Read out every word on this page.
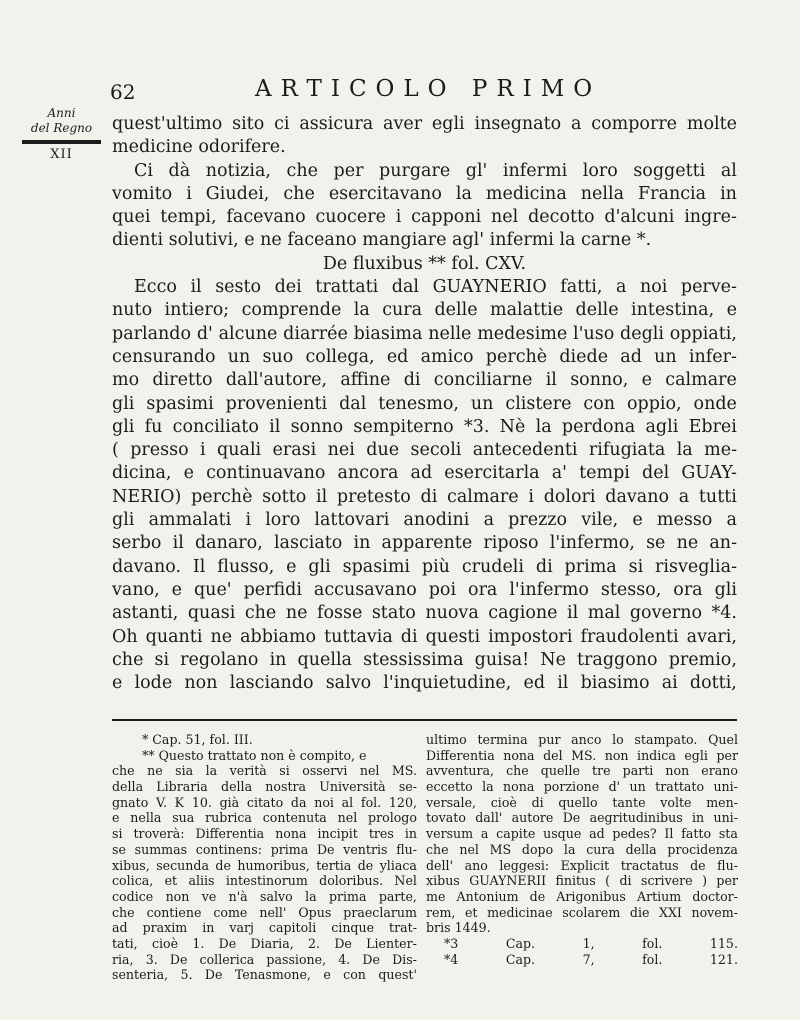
62	ARTICOLO PRIMO
Anni
del Regno
XII
quest'ultimo sito ci assicura aver egli insegnato a comporre molte
medicine odorifere.
Ci dà notizia, che per purgare gl' infermi loro soggetti al
vomito i Giudei, che esercitavano la medicina nella Francia in
quei tempi, facevano cuocere i capponi nel decotto d'alcuni ingre-
dienti solutivi, e ne faceano mangiare agl' infermi la carne *.
De fluxibus ** fol. CXV.
Ecco il sesto dei trattati dal GUAYNERIO fatti, a noi perve-
nuto intiero; comprende la cura delle malattie delle intestina, e
parlando d' alcune diarrée biasima nelle medesime l'uso degli oppiati,
censurando un suo collega, ed amico perchè diede ad un infer-
mo diretto dall'autore, affine di conciliarne il sonno, e calmare
gli spasimi provenienti dal tenesmo, un clistere con oppio, onde
gli fu conciliato il sonno sempiterno *3. Nè la perdona agli Ebrei
( presso i quali erasi nei due secoli antecedenti rifugiata la me-
dicina, e continuavano ancora ad esercitarla a' tempi del GUAY-
NERIO) perchè sotto il pretesto di calmare i dolori davano a tutti
gli ammalati i loro lattovari anodini a prezzo vile, e messo a
serbo il danaro, lasciato in apparente riposo l'infermo, se ne an-
davano. Il flusso, e gli spasimi più crudeli di prima si risveglia-
vano, e que' perfidi accusavano poi ora l'infermo stesso, ora gli
astanti, quasi che ne fosse stato nuova cagione il mal governo *4.
Oh quanti ne abbiamo tuttavia di questi impostori fraudolenti avari,
che si regolano in quella stessissima guisa! Ne traggono premio,
e lode non lasciando salvo l'inquietudine, ed il biasimo ai dotti,
* Cap. 51, fol. III.
** Questo trattato non è compito, e
che ne sia la verità si osservi nel MS.
della Libraria della nostra Università se-
gnato V. K 10. già citato da noi al fol. 120,
e nella sua rubrica contenuta nel prologo
si troverà: Differentia nona incipit tres in
se summas continens: prima De ventris flu-
xibus, secunda de humoribus, tertia de yliaca
colica, et aliis intestinorum doloribus. Nel
codice non ve n'à salvo la prima parte,
che contiene come nell' Opus praeclarum
ad praxim in varj capitoli cinque trat-
tati, cioè 1. De Diaria, 2. De Lienter-
ria, 3. De collerica passione, 4. De Dis-
senteria, 5. De Tenasmone, e con quest'
ultimo termina pur anco lo stampato. Quel
Differentia nona del MS. non indica egli per
avventura, che quelle tre parti non erano
eccetto la nona porzione d' un trattato uni-
versale, cioè di quello tante volte men-
tovato dall' autore De aegritudinibus in uni-
versum a capite usque ad pedes? Il fatto sta
che nel MS dopo la cura della procidenza
dell' ano leggesi: Explicit tractatus de flu-
xibus GUAYNERII finitus ( di scrivere ) per
me Antonium de Arigonibus Artium doctor-
rem, et medicinae scolarem die XXI novem-
bris 1449.
*3	Cap.	1,	fol.	115.
*4	Cap.	7,	fol.	121.
